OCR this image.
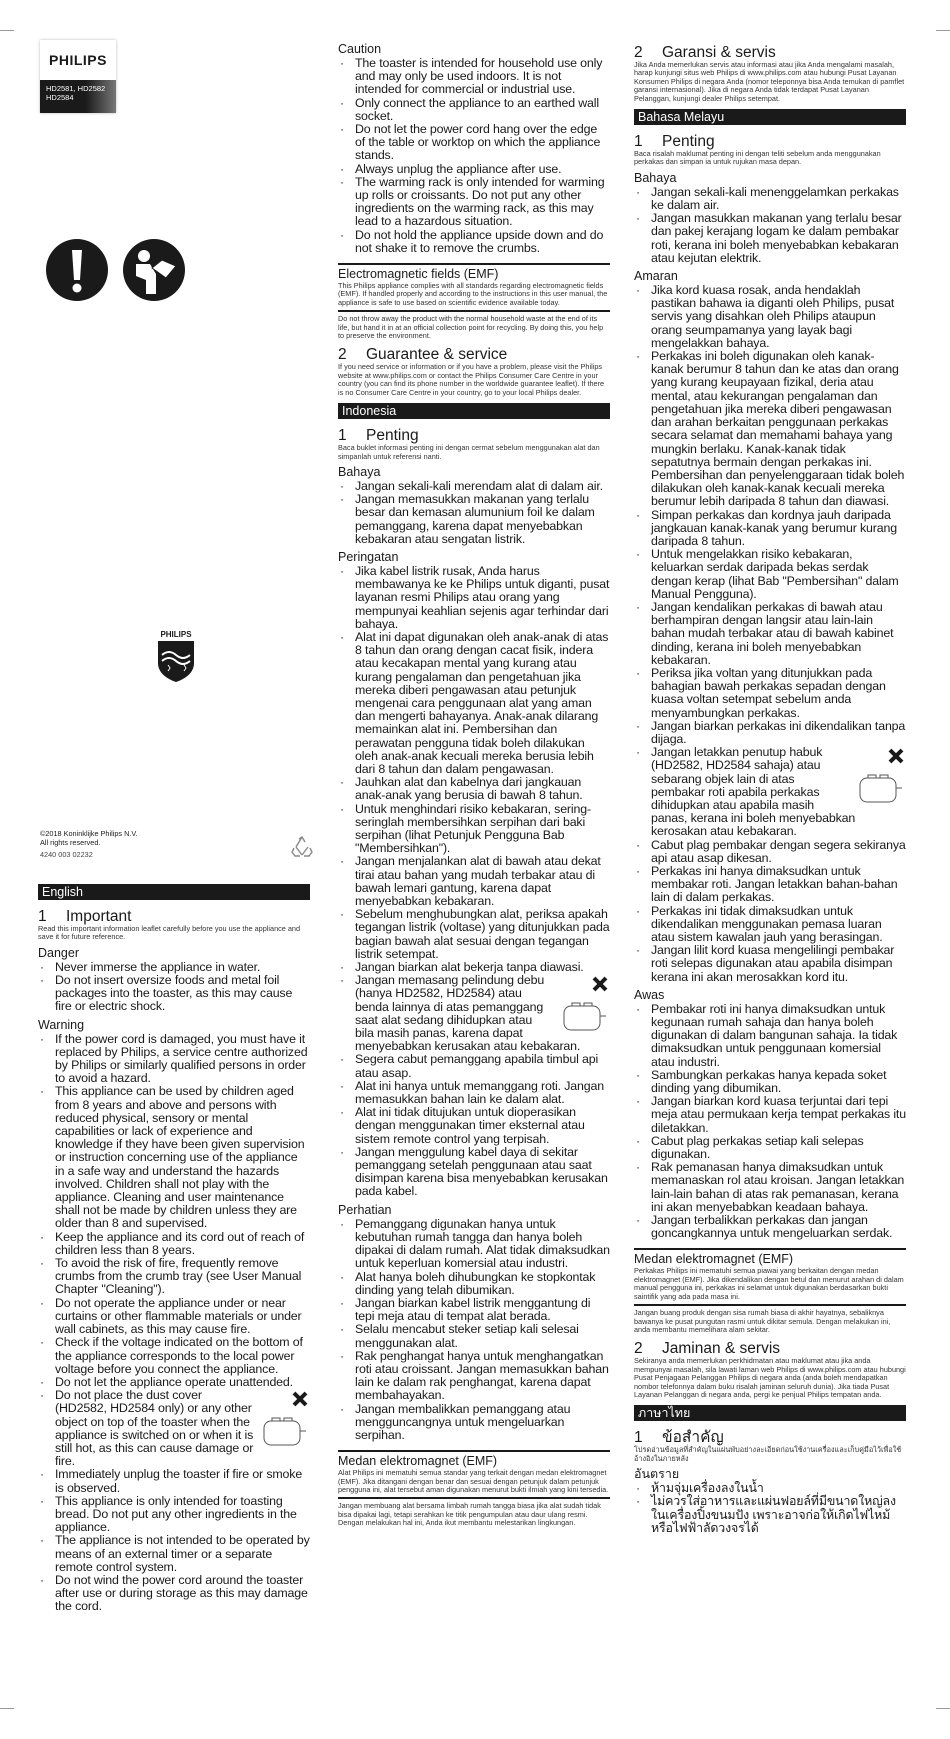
PHILIPS
HD2581, HD2582
HD2584
PHILIPS
©2018 Koninklijke Philips N.V.
All rights reserved.
4240 003 02232
English
1 Important
Read this important information leaflet carefully before you use the appliance and save it for future reference.
Danger
· Never immerse the appliance in water.
· Do not insert oversize foods and metal foil packages into the toaster, as this may cause fire or electric shock.
Warning
· If the power cord is damaged, you must have it replaced by Philips, a service centre authorized by Philips or similarly qualified persons in order to avoid a hazard.
· This appliance can be used by children aged from 8 years and above and persons with reduced physical, sensory or mental capabilities or lack of experience and knowledge if they have been given supervision or instruction concerning use of the appliance in a safe way and understand the hazards involved. Children shall not play with the appliance. Cleaning and user maintenance shall not be made by children unless they are older than 8 and supervised.
· Keep the appliance and its cord out of reach of children less than 8 years.
· To avoid the risk of fire, frequently remove crumbs from the crumb tray (see User Manual Chapter "Cleaning").
· Do not operate the appliance under or near curtains or other flammable materials or under wall cabinets, as this may cause fire.
· Check if the voltage indicated on the bottom of the appliance corresponds to the local power voltage before you connect the appliance.
· Do not let the appliance operate unattended.
· Do not place the dust cover (HD2582, HD2584 only) or any other object on top of the toaster when the appliance is switched on or when it is still hot, as this can cause damage or fire.
· Immediately unplug the toaster if fire or smoke is observed.
· This appliance is only intended for toasting bread. Do not put any other ingredients in the appliance.
· The appliance is not intended to be operated by means of an external timer or a separate remote control system.
· Do not wind the power cord around the toaster after use or during storage as this may damage the cord.
Caution
· The toaster is intended for household use only and may only be used indoors. It is not intended for commercial or industrial use.
· Only connect the appliance to an earthed wall socket.
· Do not let the power cord hang over the edge of the table or worktop on which the appliance stands.
· Always unplug the appliance after use.
· The warming rack is only intended for warming up rolls or croissants. Do not put any other ingredients on the warming rack, as this may lead to a hazardous situation.
· Do not hold the appliance upside down and do not shake it to remove the crumbs.
Electromagnetic fields (EMF)
This Philips appliance complies with all standards regarding electromagnetic fields (EMF). If handled properly and according to the instructions in this user manual, the appliance is safe to use based on scientific evidence available today.
Do not throw away the product with the normal household waste at the end of its life, but hand it in at an official collection point for recycling. By doing this, you help to preserve the environment.
2 Guarantee & service
If you need service or information or if you have a problem, please visit the Philips website at www.philips.com or contact the Philips Consumer Care Centre in your country (you can find its phone number in the worldwide guarantee leaflet). If there is no Consumer Care Centre in your country, go to your local Philips dealer.
Indonesia
1 Penting
Baca buklet informasi penting ini dengan cermat sebelum menggunakan alat dan simpanlah untuk referensi nanti.
Bahaya
· Jangan sekali-kali merendam alat di dalam air.
· Jangan memasukkan makanan yang terlalu besar dan kemasan alumunium foil ke dalam pemanggang, karena dapat menyebabkan kebakaran atau sengatan listrik.
Peringatan
· Jika kabel listrik rusak, Anda harus membawanya ke ke Philips untuk diganti, pusat layanan resmi Philips atau orang yang mempunyai keahlian sejenis agar terhindar dari bahaya.
· Alat ini dapat digunakan oleh anak-anak di atas 8 tahun dan orang dengan cacat fisik, indera atau kecakapan mental yang kurang atau kurang pengalaman dan pengetahuan jika mereka diberi pengawasan atau petunjuk mengenai cara penggunaan alat yang aman dan mengerti bahayanya. Anak-anak dilarang memainkan alat ini. Pembersihan dan perawatan pengguna tidak boleh dilakukan oleh anak-anak kecuali mereka berusia lebih dari 8 tahun dan dalam pengawasan.
· Jauhkan alat dan kabelnya dari jangkauan anak-anak yang berusia di bawah 8 tahun.
· Untuk menghindari risiko kebakaran, sering-seringlah membersihkan serpihan dari baki serpihan (lihat Petunjuk Pengguna Bab "Membersihkan").
· Jangan menjalankan alat di bawah atau dekat tirai atau bahan yang mudah terbakar atau di bawah lemari gantung, karena dapat menyebabkan kebakaran.
· Sebelum menghubungkan alat, periksa apakah tegangan listrik (voltase) yang ditunjukkan pada bagian bawah alat sesuai dengan tegangan listrik setempat.
· Jangan biarkan alat bekerja tanpa diawasi.
· Jangan memasang pelindung debu (hanya HD2582, HD2584) atau benda lainnya di atas pemanggang saat alat sedang dihidupkan atau bila masih panas, karena dapat menyebabkan kerusakan atau kebakaran.
· Segera cabut pemanggang apabila timbul api atau asap.
· Alat ini hanya untuk memanggang roti. Jangan memasukkan bahan lain ke dalam alat.
· Alat ini tidak ditujukan untuk dioperasikan dengan menggunakan timer eksternal atau sistem remote control yang terpisah.
· Jangan menggulung kabel daya di sekitar pemanggang setelah penggunaan atau saat disimpan karena bisa menyebabkan kerusakan pada kabel.
Perhatian
· Pemanggang digunakan hanya untuk kebutuhan rumah tangga dan hanya boleh dipakai di dalam rumah. Alat tidak dimaksudkan untuk keperluan komersial atau industri.
· Alat hanya boleh dihubungkan ke stopkontak dinding yang telah dibumikan.
· Jangan biarkan kabel listrik menggantung di tepi meja atau di tempat alat berada.
· Selalu mencabut steker setiap kali selesai menggunakan alat.
· Rak penghangat hanya untuk menghangatkan roti atau croissant. Jangan memasukkan bahan lain ke dalam rak penghangat, karena dapat membahayakan.
· Jangan membalikkan pemanggang atau mengguncangnya untuk mengeluarkan serpihan.
Medan elektromagnet (EMF)
Alat Philips ini mematuhi semua standar yang terkait dengan medan elektromagnet (EMF). Jika ditangani dengan benar dan sesuai dengan petunjuk dalam petunjuk pengguna ini, alat tersebut aman digunakan menurut bukti ilmiah yang kini tersedia.
Jangan membuang alat bersama limbah rumah tangga biasa jika alat sudah tidak bisa dipakai lagi, tetapi serahkan ke titik pengumpulan atau daur ulang resmi. Dengan melakukan hal ini, Anda ikut membantu melestarikan lingkungan.
2 Garansi & servis
Jika Anda memerlukan servis atau informasi atau jika Anda mengalami masalah, harap kunjungi situs web Philips di www.philips.com atau hubungi Pusat Layanan Konsumen Philips di negara Anda (nomor teleponnya bisa Anda temukan di pamflet garansi internasional). Jika di negara Anda tidak terdapat Pusat Layanan Pelanggan, kunjungi dealer Philips setempat.
Bahasa Melayu
1 Penting
Baca risalah maklumat penting ini dengan teliti sebelum anda menggunakan perkakas dan simpan ia untuk rujukan masa depan.
Bahaya
· Jangan sekali-kali menenggelamkan perkakas ke dalam air.
· Jangan masukkan makanan yang terlalu besar dan pakej kerajang logam ke dalam pembakar roti, kerana ini boleh menyebabkan kebakaran atau kejutan elektrik.
Amaran
· Jika kord kuasa rosak, anda hendaklah pastikan bahawa ia diganti oleh Philips, pusat servis yang disahkan oleh Philips ataupun orang seumpamanya yang layak bagi mengelakkan bahaya.
· Perkakas ini boleh digunakan oleh kanak-kanak berumur 8 tahun dan ke atas dan orang yang kurang keupayaan fizikal, deria atau mental, atau kekurangan pengalaman dan pengetahuan jika mereka diberi pengawasan dan arahan berkaitan penggunaan perkakas secara selamat dan memahami bahaya yang mungkin berlaku. Kanak-kanak tidak sepatutnya bermain dengan perkakas ini. Pembersihan dan penyelenggaraan tidak boleh dilakukan oleh kanak-kanak kecuali mereka berumur lebih daripada 8 tahun dan diawasi.
· Simpan perkakas dan kordnya jauh daripada jangkauan kanak-kanak yang berumur kurang daripada 8 tahun.
· Untuk mengelakkan risiko kebakaran, keluarkan serdak daripada bekas serdak dengan kerap (lihat Bab "Pembersihan" dalam Manual Pengguna).
· Jangan kendalikan perkakas di bawah atau berhampiran dengan langsir atau lain-lain bahan mudah terbakar atau di bawah kabinet dinding, kerana ini boleh menyebabkan kebakaran.
· Periksa jika voltan yang ditunjukkan pada bahagian bawah perkakas sepadan dengan kuasa voltan setempat sebelum anda menyambungkan perkakas.
· Jangan biarkan perkakas ini dikendalikan tanpa dijaga.
· Jangan letakkan penutup habuk (HD2582, HD2584 sahaja) atau sebarang objek lain di atas pembakar roti apabila perkakas dihidupkan atau apabila masih panas, kerana ini boleh menyebabkan kerosakan atau kebakaran.
· Cabut plag pembakar dengan segera sekiranya api atau asap dikesan.
· Perkakas ini hanya dimaksudkan untuk membakar roti. Jangan letakkan bahan-bahan lain di dalam perkakas.
· Perkakas ini tidak dimaksudkan untuk dikendalikan menggunakan pemasa luaran atau sistem kawalan jauh yang berasingan.
· Jangan lilit kord kuasa mengelilingi pembakar roti selepas digunakan atau apabila disimpan kerana ini akan merosakkan kord itu.
Awas
· Pembakar roti ini hanya dimaksudkan untuk kegunaan rumah sahaja dan hanya boleh digunakan di dalam bangunan sahaja. Ia tidak dimaksudkan untuk penggunaan komersial atau industri.
· Sambungkan perkakas hanya kepada soket dinding yang dibumikan.
· Jangan biarkan kord kuasa terjuntai dari tepi meja atau permukaan kerja tempat perkakas itu diletakkan.
· Cabut plag perkakas setiap kali selepas digunakan.
· Rak pemanasan hanya dimaksudkan untuk memanaskan rol atau kroisan. Jangan letakkan lain-lain bahan di atas rak pemanasan, kerana ini akan menyebabkan keadaan bahaya.
· Jangan terbalikkan perkakas dan jangan goncangkannya untuk mengeluarkan serdak.
Medan elektromagnet (EMF)
Perkakas Philips ini mematuhi semua piawai yang berkaitan dengan medan elektromagnet (EMF). Jika dikendalikan dengan betul dan menurut arahan di dalam manual pengguna ini, perkakas ini selamat untuk digunakan berdasarkan bukti saintifik yang ada pada masa ini.
Jangan buang produk dengan sisa rumah biasa di akhir hayatnya, sebaliknya bawanya ke pusat pungutan rasmi untuk dikitar semula. Dengan melakukan ini, anda membantu memelihara alam sekitar.
2 Jaminan & servis
Sekiranya anda memerlukan perkhidmatan atau maklumat atau jika anda mempunyai masalah, sila lawati laman web Philips di www.philips.com atau hubungi Pusat Penjagaan Pelanggan Philips di negara anda (anda boleh mendapatkan nombor telefonnya dalam buku risalah jaminan seluruh dunia). Jika tiada Pusat Layanan Pelanggan di negara anda, pergi ke penjual Philips tempatan anda.
ภาษาไทย
1 ข้อสำคัญ
โปรดอ่านข้อมูลที่สำคัญในแผ่นพับอย่างละเอียดก่อนใช้งานเครื่องและเก็บคู่มือไว้เพื่อใช้อ้างอิงในภายหลัง
อันตราย
· ห้ามจุ่มเครื่องลงในน้ำ
· ไม่ควรใส่อาหารและแผ่นฟอยล์ที่มีขนาดใหญ่ลงในเครื่องปิ้งขนมปัง เพราะอาจก่อให้เกิดไฟไหม้หรือไฟฟ้าลัดวงจรได้
